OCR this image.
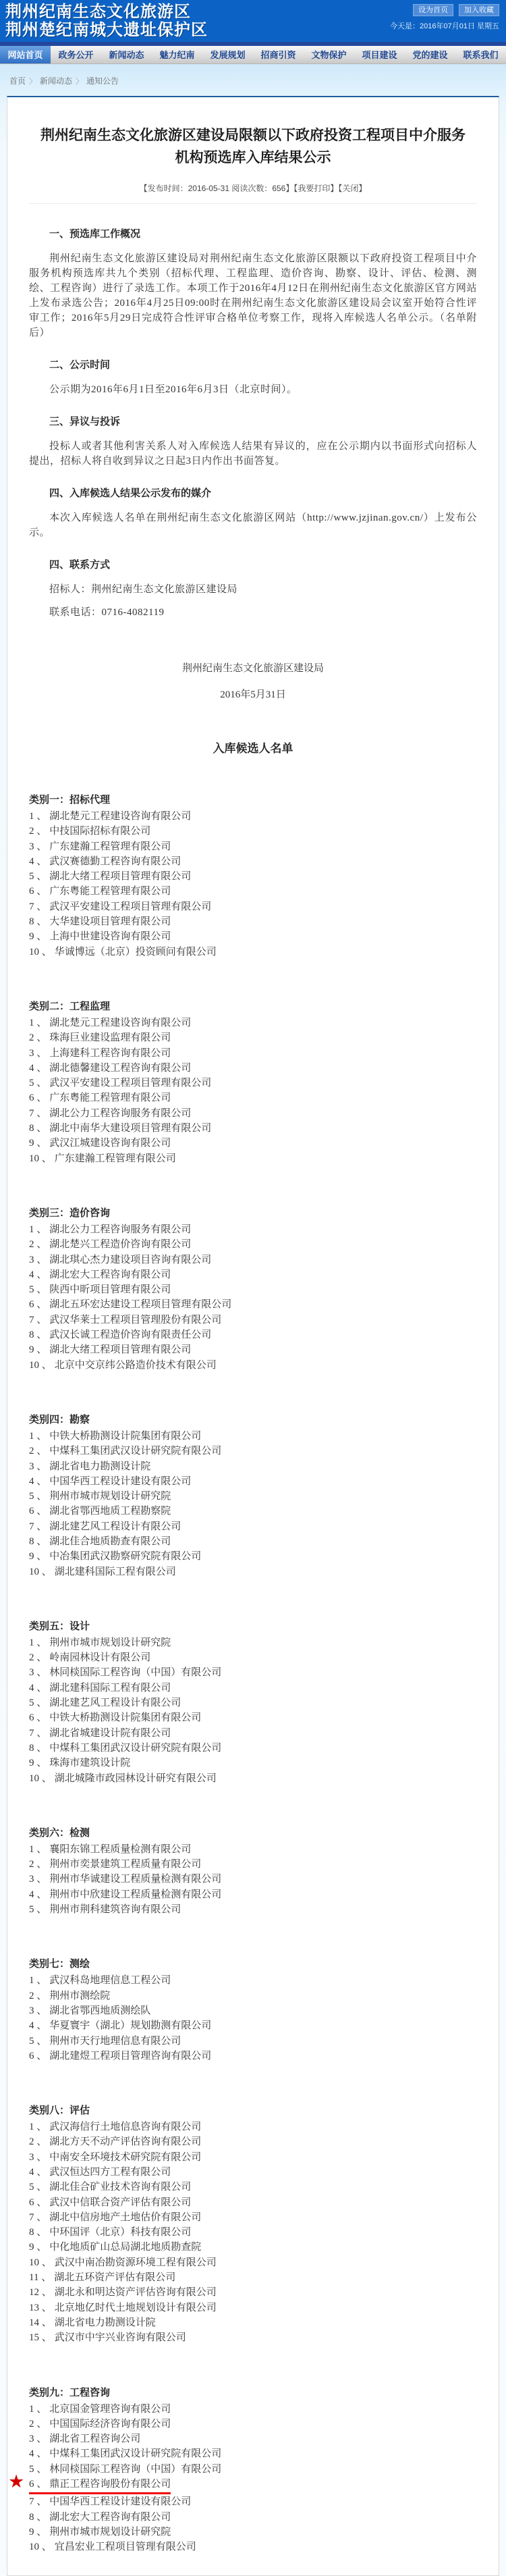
荆州纪南生态文化旅游区
荆州楚纪南城大遗址保护区
设为首页	加入收藏
今天是：2016年07月01日 星期五
网站首页	政务公开	新闻动态	魅力纪南	发展规划	招商引资	文物保护	项目建设	党的建设	联系我们
首页 〉 新闻动态 〉 通知公告
荆州纪南生态文化旅游区建设局限额以下政府投资工程项目中介服务机构预选库入库结果公示
【发布时间：2016-05-31 阅读次数：656】【我要打印】【关闭】
一、预选库工作概况

荆州纪南生态文化旅游区建设局对荆州纪南生态文化旅游区限额以下政府投资工程项目中介服务机构预选库共九个类别（招标代理、工程监理、造价咨询、勘察、设计、评估、检测、测绘、工程咨询）进行了录选工作。本项工作于2016年4月12日在荆州纪南生态文化旅游区官方网站上发布录选公告；2016年4月25日09:00时在荆州纪南生态文化旅游区建设局会议室开始符合性评审工作；2016年5月29日完成符合性评审合格单位考察工作，现将入库候选人名单公示。（名单附后）

二、公示时间

公示期为2016年6月1日至2016年6月3日（北京时间）。

三、异议与投诉

投标人或者其他利害关系人对入库候选人结果有异议的，应在公示期内以书面形式向招标人提出，招标人将自收到异议之日起3日内作出书面答复。

四、入库候选人结果公示发布的媒介

本次入库候选人名单在荆州纪南生态文化旅游区网站（http://www.jzjinan.gov.cn/）上发布公示。

四、联系方式

招标人：荆州纪南生态文化旅游区建设局

联系电话：0716-4082119

荆州纪南生态文化旅游区建设局
2016年5月31日
入库候选人名单
类别一：招标代理
1 、 湖北楚元工程建设咨询有限公司
2 、 中技国际招标有限公司
3 、 广东建瀚工程管理有限公司
4 、 武汉赛德勤工程咨询有限公司
5 、 湖北大绪工程项目管理有限公司
6 、 广东粤能工程管理有限公司
7 、 武汉平安建设工程项目管理有限公司
8 、 大华建设项目管理有限公司
9 、 上海中世建设咨询有限公司
10 、 华诚博远（北京）投资顾问有限公司
类别二：工程监理
1 、 湖北楚元工程建设咨询有限公司
2 、 珠海巨业建设监理有限公司
3 、 上海建科工程咨询有限公司
4 、 湖北德馨建设工程咨询有限公司
5 、 武汉平安建设工程项目管理有限公司
6 、 广东粤能工程管理有限公司
7 、 湖北公力工程咨询服务有限公司
8 、 湖北中南华大建设项目管理有限公司
9 、 武汉江城建设咨询有限公司
10 、 广东建瀚工程管理有限公司
类别三：造价咨询
1 、 湖北公力工程咨询服务有限公司
2 、 湖北楚兴工程造价咨询有限公司
3 、 湖北琪心杰力建设项目咨询有限公司
4 、 湖北宏大工程咨询有限公司
5 、 陕西中昕项目管理有限公司
6 、 湖北五环宏达建设工程项目管理有限公司
7 、 武汉华莱士工程项目管理股份有限公司
8 、 武汉长诚工程造价咨询有限责任公司
9 、 湖北大绪工程项目管理有限公司
10 、 北京中交京纬公路造价技术有限公司
类别四：勘察
1 、 中铁大桥勘测设计院集团有限公司
2 、 中煤科工集团武汉设计研究院有限公司
3 、 湖北省电力勘测设计院
4 、 中国华西工程设计建设有限公司
5 、 荆州市城市规划设计研究院
6 、 湖北省鄂西地质工程勘察院
7 、 湖北建艺风工程设计有限公司
8 、 湖北佳合地质勘查有限公司
9 、 中冶集团武汉勘察研究院有限公司
10 、 湖北建科国际工程有限公司
类别五：设计
1 、 荆州市城市规划设计研究院
2 、 岭南园林设计有限公司
3 、 林同棪国际工程咨询（中国）有限公司
4 、 湖北建科国际工程有限公司
5 、 湖北建艺风工程设计有限公司
6 、 中铁大桥勘测设计院集团有限公司
7 、 湖北省城建设计院有限公司
8 、 中煤科工集团武汉设计研究院有限公司
9 、 珠海市建筑设计院
10 、 湖北城隆市政园林设计研究有限公司
类别六：检测
1 、 襄阳东锦工程质量检测有限公司
2 、 荆州市奕景建筑工程质量有限公司
3 、 荆州市华诚建设工程质量检测有限公司
4 、 荆州市中欣建设工程质量检测有限公司
5 、 荆州市荆科建筑咨询有限公司
类别七：测绘
1 、 武汉科岛地理信息工程公司
2 、 荆州市测绘院
3 、 湖北省鄂西地质测绘队
4 、 华夏寰宇（湖北）规划勘测有限公司
5 、 荆州市天行地理信息有限公司
6 、 湖北建煜工程项目管理咨询有限公司
类别八：评估
1 、 武汉海信行土地信息咨询有限公司
2 、 湖北方天不动产评估咨询有限公司
3 、 中南安全环境技术研究院有限公司
4 、 武汉恒达四方工程有限公司
5 、 湖北佳合矿业技术咨询有限公司
6 、 武汉中信联合资产评估有限公司
7 、 湖北中信房地产土地估价有限公司
8 、 中环国评（北京）科技有限公司
9 、 中化地质矿山总局湖北地质勘查院
10 、 武汉中南冶勘资源环境工程有限公司
11 、 湖北五环资产评估有限公司
12 、 湖北永和明达资产评估咨询有限公司
13 、 北京地亿时代土地规划设计有限公司
14 、 湖北省电力勘测设计院
15 、 武汉市中宇兴业咨询有限公司
类别九：工程咨询
1 、 北京国金管理咨询有限公司
2 、 中国国际经济咨询有限公司
3 、 湖北省工程咨询公司
4 、 中煤科工集团武汉设计研究院有限公司
5 、 林同棪国际工程咨询（中国）有限公司
★ 6 、 鼎正工程咨询股份有限公司
7 、 中国华西工程设计建设有限公司
8 、 湖北宏大工程咨询有限公司
9 、 荆州市城市规划设计研究院
10 、 宜昌宏业工程项目管理有限公司
